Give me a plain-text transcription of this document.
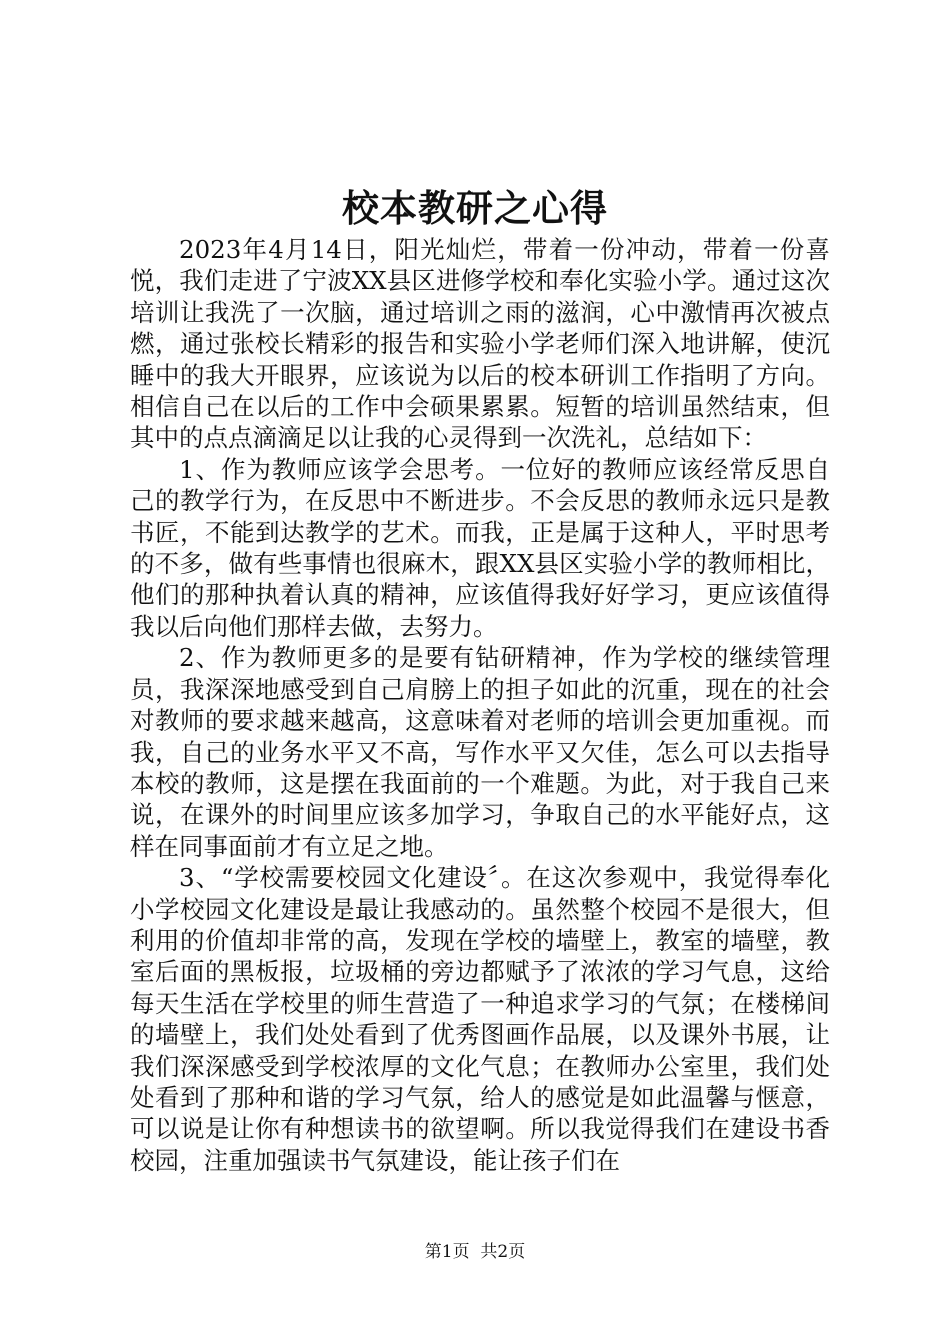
校本教研之心得

2023年4月14日，阳光灿烂，带着一份冲动，带着一份喜悦，我们走进了宁波XX县区进修学校和奉化实验小学。通过这次培训让我洗了一次脑，通过培训之雨的滋润，心中激情再次被点燃，通过张校长精彩的报告和实验小学老师们深入地讲解，使沉睡中的我大开眼界，应该说为以后的校本研训工作指明了方向。相信自己在以后的工作中会硕果累累。短暂的培训虽然结束，但其中的点点滴滴足以让我的心灵得到一次洗礼，总结如下：

1、作为教师应该学会思考。一位好的教师应该经常反思自己的教学行为，在反思中不断进步。不会反思的教师永远只是教书匠，不能到达教学的艺术。而我，正是属于这种人，平时思考的不多，做有些事情也很麻木，跟XX县区实验小学的教师相比，他们的那种执着认真的精神，应该值得我好好学习，更应该值得我以后向他们那样去做，去努力。

2、作为教师更多的是要有钻研精神，作为学校的继续管理员，我深深地感受到自己肩膀上的担子如此的沉重，现在的社会对教师的要求越来越高，这意味着对老师的培训会更加重视。而我，自己的业务水平又不高，写作水平又欠佳，怎么可以去指导本校的教师，这是摆在我面前的一个难题。为此，对于我自己来说，在课外的时间里应该多加学习，争取自己的水平能好点，这样在同事面前才有立足之地。

3、“学校需要校园文化建设〞。在这次参观中，我觉得奉化小学校园文化建设是最让我感动的。虽然整个校园不是很大，但利用的价值却非常的高，发现在学校的墙壁上，教室的墙壁，教室后面的黑板报，垃圾桶的旁边都赋予了浓浓的学习气息，这给每天生活在学校里的师生营造了一种追求学习的气氛；在楼梯间的墙壁上，我们处处看到了优秀图画作品展，以及课外书展，让我们深深感受到学校浓厚的文化气息；在教师办公室里，我们处处看到了那种和谐的学习气氛，给人的感觉是如此温馨与惬意，可以说是让你有种想读书的欲望啊。所以我觉得我们在建设书香校园，注重加强读书气氛建设，能让孩子们在

第1页  共2页
